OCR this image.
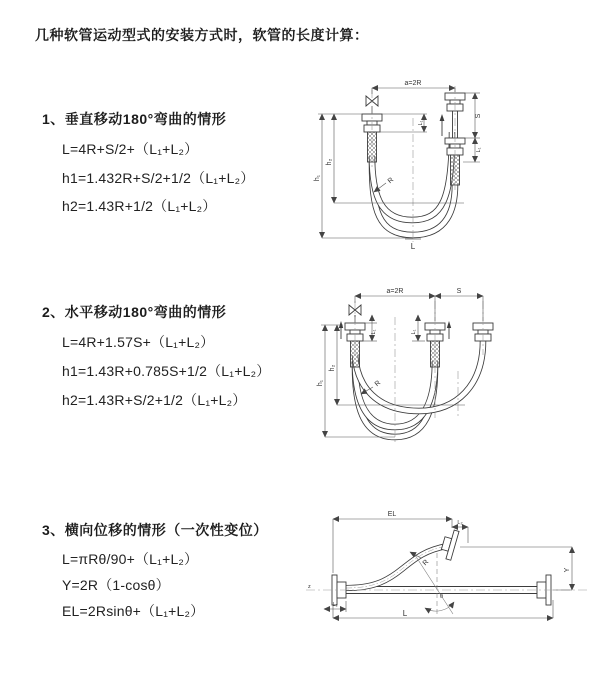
几种软管运动型式的安装方式时，软管的长度计算：
1、垂直移动180°弯曲的情形
L=4R+S/2+（L₁+L₂）
h1=1.432R+S/2+1/2（L₁+L₂）
h2=1.43R+1/2（L₁+L₂）
2、水平移动180°弯曲的情形
L=4R+1.57S+（L₁+L₂）
h1=1.43R+0.785S+1/2（L₁+L₂）
h2=1.43R+S/2+1/2（L₁+L₂）
3、横向位移的情形（一次性变位）
L=πRθ/90+（L₁+L₂）
Y=2R（1-cosθ）
EL=2Rsinθ+（L₁+L₂）
a=2R
L₁
h₁
h₂
S
L₁
R
L
a=2R	S
L₁	L₁
h₁
h₂
R
EL
L₂
Y
L
L₁
R
θ
z
